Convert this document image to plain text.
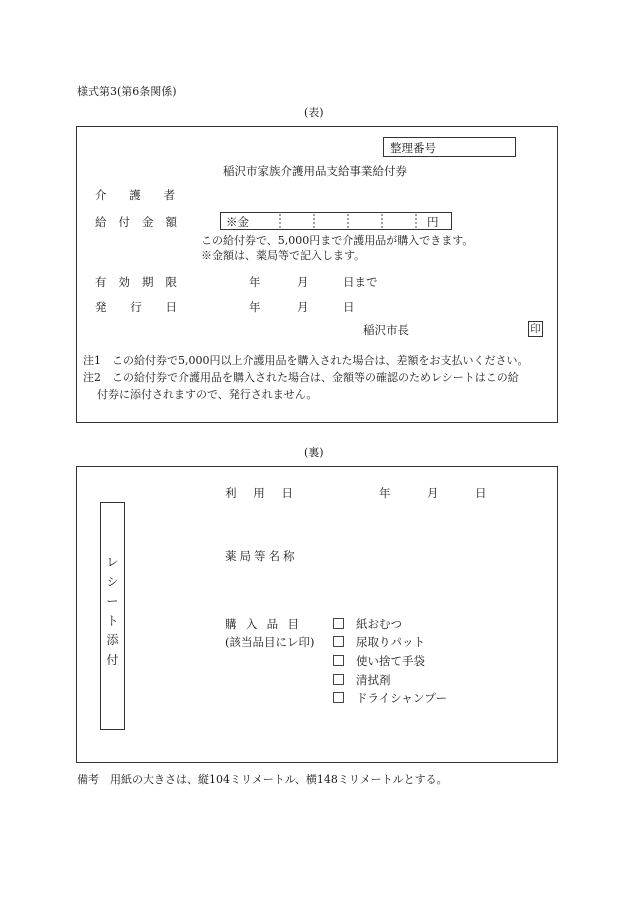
様式第3(第6条関係)
(表)
整理番号
稲沢市家族介護用品支給事業給付券
介 護 者
給 付 金 額	※金	円
この給付券で、5,000円まで介護用品が購入できます。
※金額は、薬局等で記入します。
有 効 期 限	年	月	日まで
発 行 日	年	月	日
稲沢市長	印
注1　この給付券で5,000円以上介護用品を購入された場合は、差額をお支払いください。
注2　この給付券で介護用品を購入された場合は、金額等の確認のためレシートはこの給
付券に添付されますので、発行されません。
(裏)
レ
シ
ー
ト
添
付
利 用 日	年	月	日
薬局等名称
購 入 品 目
(該当品目にレ印)
紙おむつ
尿取りパット
使い捨て手袋
清拭剤
ドライシャンプー
備考　用紙の大きさは、縦104ミリメートル、横148ミリメートルとする。
